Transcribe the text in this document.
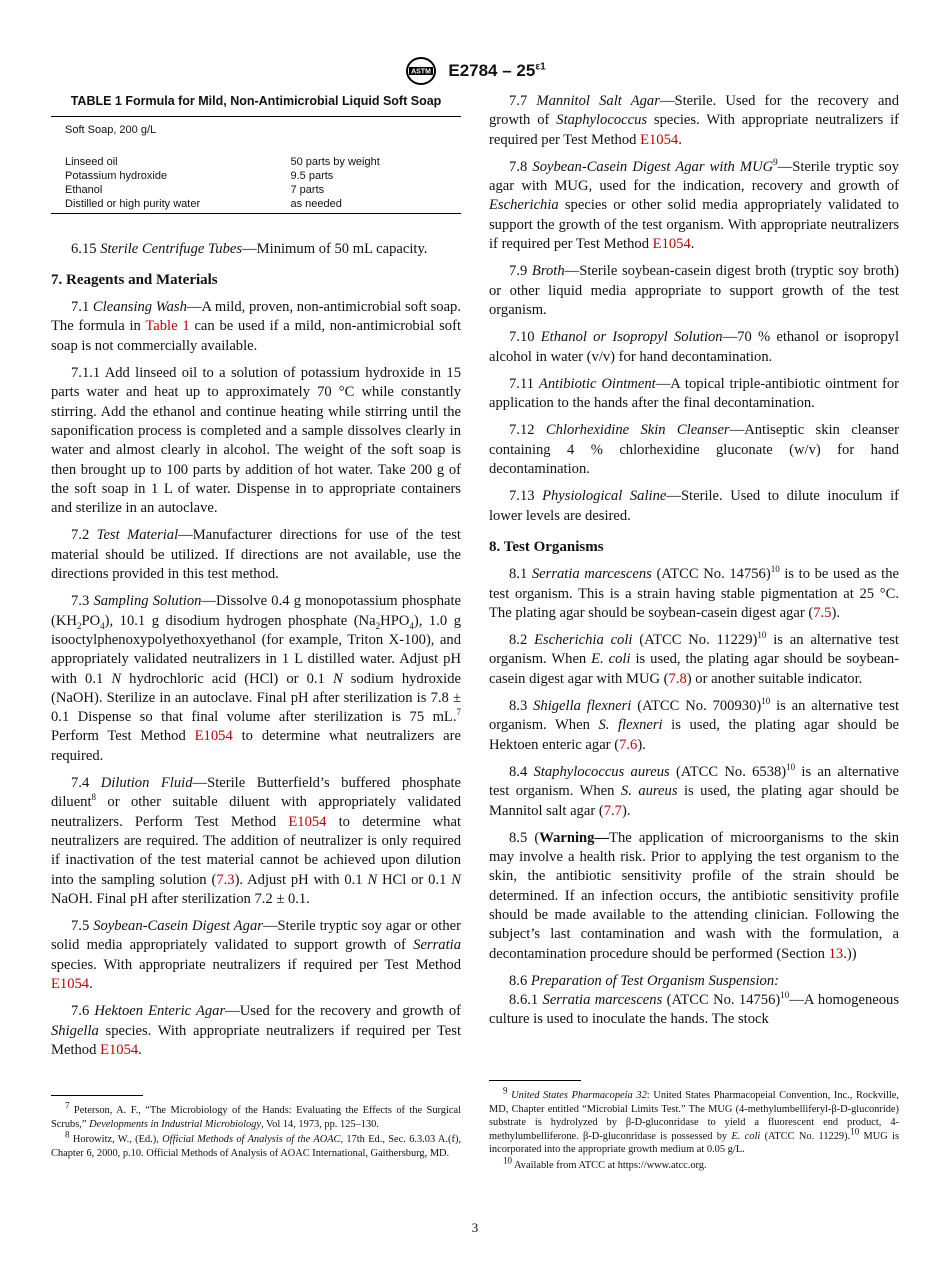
ASTM $E2784 - 25^{\varepsilon 1}$
TABLE 1 Formula for Mild, Non-Antimicrobial Liquid Soft Soap
Soft Soap, 200 g/L
Linseed oil	50 parts by weight
Potassium hydroxide	9.5 parts
Ethanol	7 parts
Distilled or high purity water	as needed

6.15 Sterile Centrifuge Tubes—Minimum of 50 mL capacity.

7. Reagents and Materials

7.1 Cleansing Wash—A mild, proven, non-antimicrobial soft soap. The formula in Table 1 can be used if a mild, non-antimicrobial soft soap is not commercially available.

7.1.1 Add linseed oil to a solution of potassium hydroxide in 15 parts water and heat up to approximately 70 °C while constantly stirring. Add the ethanol and continue heating while stirring until the saponification process is completed and a sample dissolves clearly in water and almost clearly in alcohol. The weight of the soft soap is then brought up to 100 parts by addition of hot water. Take 200 g of the soft soap in 1 L of water. Dispense in to appropriate containers and sterilize in an autoclave.

7.2 Test Material—Manufacturer directions for use of the test material should be utilized. If directions are not available, use the directions provided in this test method.

7.3 Sampling Solution—Dissolve 0.4 g monopotassium phosphate $(KH_2PO_4)$, 10.1 g disodium hydrogen phosphate $(Na_2HPO_4)$, 1.0 g isooctylphenoxypolyethoxyethanol (for example, Triton X-100), and appropriately validated neutralizers in 1 L distilled water. Adjust pH with 0.1 N hydrochloric acid (HCl) or 0.1 N sodium hydroxide (NaOH). Sterilize in an autoclave. Final pH after sterilization is 7.8 ± 0.1 Dispense so that final volume after sterilization is 75 mL.$^7$ Perform Test Method E1054 to determine what neutralizers are required.

7.4 Dilution Fluid—Sterile Butterfield’s buffered phosphate diluent$^8$ or other suitable diluent with appropriately validated neutralizers. Perform Test Method E1054 to determine what neutralizers are required. The addition of neutralizer is only required if inactivation of the test material cannot be achieved upon dilution into the sampling solution (7.3). Adjust pH with 0.1 N HCl or 0.1 N NaOH. Final pH after sterilization 7.2 ± 0.1.

7.5 Soybean-Casein Digest Agar—Sterile tryptic soy agar or other solid media appropriately validated to support growth of Serratia species. With appropriate neutralizers if required per Test Method E1054.

7.6 Hektoen Enteric Agar—Used for the recovery and growth of Shigella species. With appropriate neutralizers if required per Test Method E1054.

$^7$ Peterson, A. F., “The Microbiology of the Hands: Evaluating the Effects of the Surgical Scrubs,” Developments in Industrial Microbiology, Vol 14, 1973, pp. 125–130.
$^8$ Horowitz, W., (Ed.), Official Methods of Analysis of the AOAC, 17th Ed., Sec. 6.3.03 A.(f), Chapter 6, 2000, p.10. Official Methods of Analysis of AOAC International, Gaithersburg, MD.

7.7 Mannitol Salt Agar—Sterile. Used for the recovery and growth of Staphylococcus species. With appropriate neutralizers if required per Test Method E1054.

7.8 Soybean-Casein Digest Agar with MUG$^9$—Sterile tryptic soy agar with MUG, used for the indication, recovery and growth of Escherichia species or other solid media appropriately validated to support the growth of the test organism. With appropriate neutralizers if required per Test Method E1054.

7.9 Broth—Sterile soybean-casein digest broth (tryptic soy broth) or other liquid media appropriate to support growth of the test organism.

7.10 Ethanol or Isopropyl Solution—70 % ethanol or isopropyl alcohol in water (v/v) for hand decontamination.

7.11 Antibiotic Ointment—A topical triple-antibiotic ointment for application to the hands after the final decontamination.

7.12 Chlorhexidine Skin Cleanser—Antiseptic skin cleanser containing 4 % chlorhexidine gluconate (w/v) for hand decontamination.

7.13 Physiological Saline—Sterile. Used to dilute inoculum if lower levels are desired.

8. Test Organisms

8.1 Serratia marcescens (ATCC No. 14756)$^{10}$ is to be used as the test organism. This is a strain having stable pigmentation at 25 °C. The plating agar should be soybean-casein digest agar (7.5).

8.2 Escherichia coli (ATCC No. 11229)$^{10}$ is an alternative test organism. When E. coli is used, the plating agar should be soybean-casein digest agar with MUG (7.8) or another suitable indicator.

8.3 Shigella flexneri (ATCC No. 700930)$^{10}$ is an alternative test organism. When S. flexneri is used, the plating agar should be Hektoen enteric agar (7.6).

8.4 Staphylococcus aureus (ATCC No. 6538)$^{10}$ is an alternative test organism. When S. aureus is used, the plating agar should be Mannitol salt agar (7.7).

8.5 (Warning—The application of microorganisms to the skin may involve a health risk. Prior to applying the test organism to the skin, the antibiotic sensitivity profile of the strain should be determined. If an infection occurs, the antibiotic sensitivity profile should be made available to the attending clinician. Following the subject’s last contamination and wash with the formulation, a decontamination procedure should be performed (Section 13.))

8.6 Preparation of Test Organism Suspension:

8.6.1 Serratia marcescens (ATCC No. 14756)$^{10}$—A homogeneous culture is used to inoculate the hands. The stock

$^9$ United States Pharmacopeia 32: United States Pharmacopeial Convention, Inc., Rockville, MD, Chapter entitled “Microbial Limits Test.” The MUG (4-methylumbelliferyl-β-D-gluconride) substrate is hydrolyzed by β-D-gluconridase to yield a fluorescent end product, 4-methylumbelliferone. β-D-gluconridase is possessed by E. coli (ATCC No. 11229).$^{10}$ MUG is incorporated into the appropriate growth medium at 0.05 g/L.
$^{10}$ Available from ATCC at https://www.atcc.org.
3
